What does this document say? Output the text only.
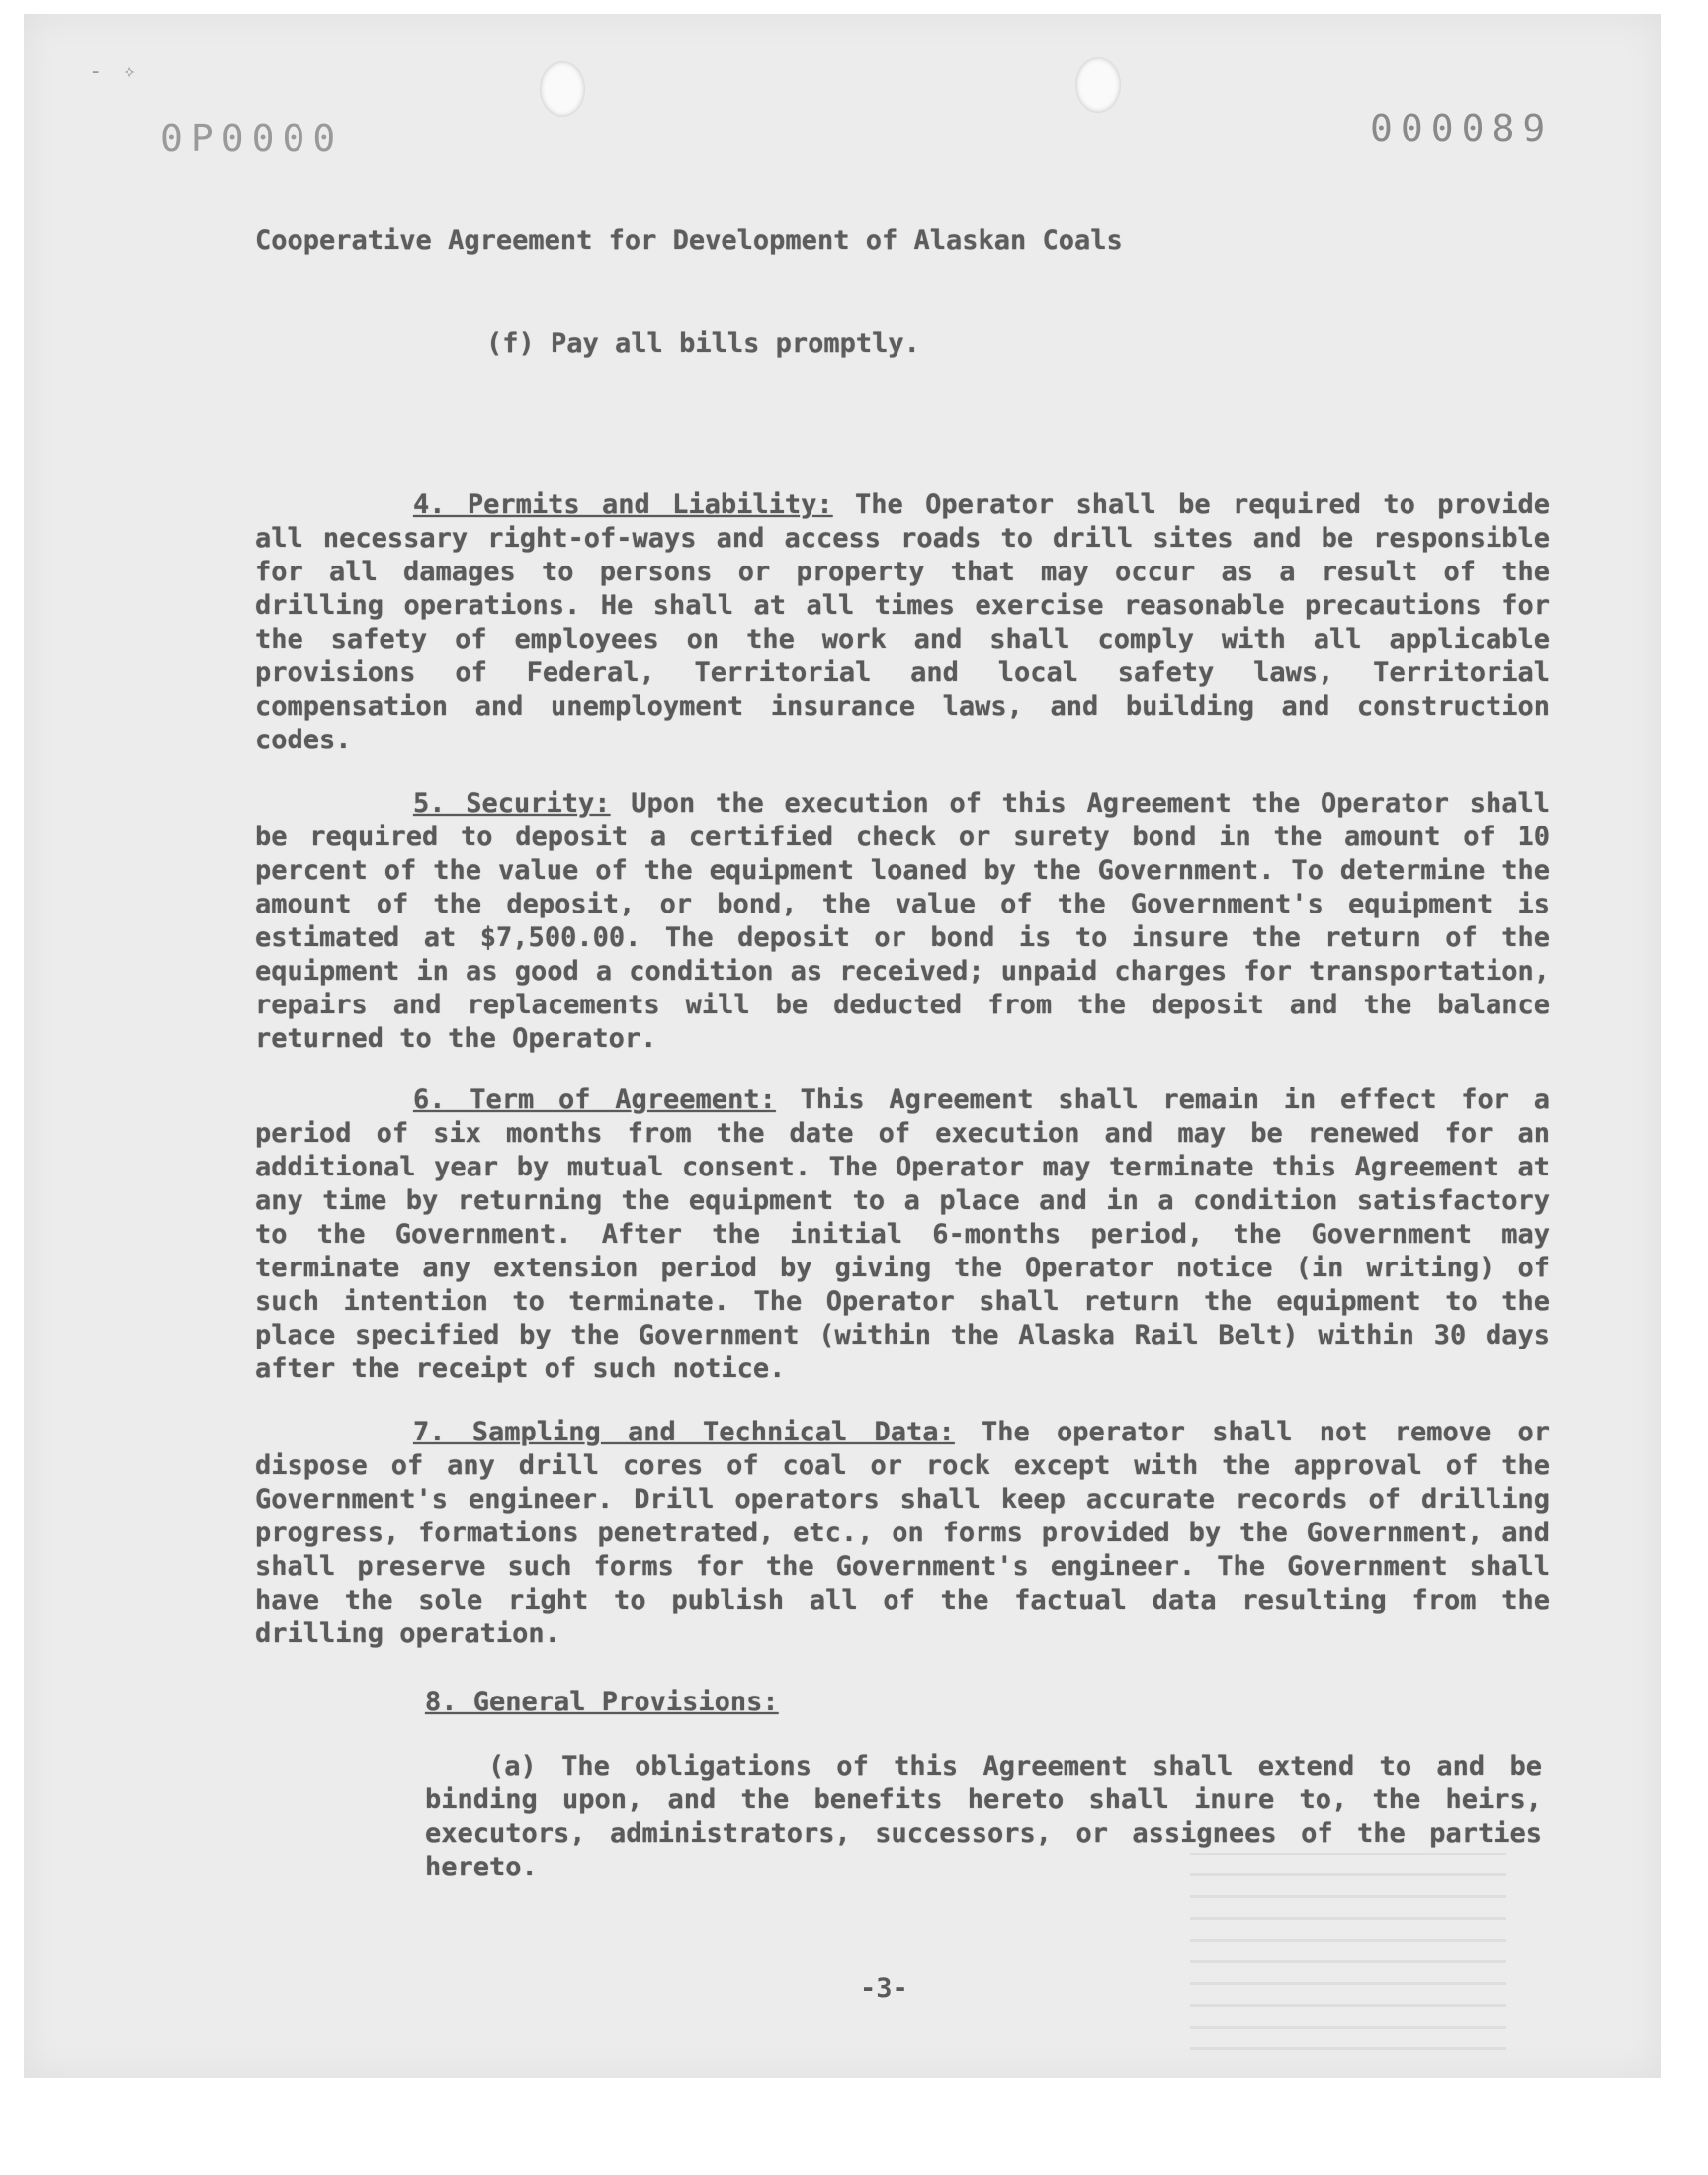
- ✧
0P0000	000089
Cooperative Agreement for Development of Alaskan Coals
(f) Pay all bills promptly.

4. Permits and Liability: The Operator shall be required to provide all necessary right-of-ways and access roads to drill sites and be responsible for all damages to persons or property that may occur as a result of the drilling operations. He shall at all times exercise reasonable precautions for the safety of employees on the work and shall comply with all applicable provisions of Federal, Territorial and local safety laws, Territorial compensation and unemployment insurance laws, and building and construction codes.

5. Security: Upon the execution of this Agreement the Operator shall be required to deposit a certified check or surety bond in the amount of 10 percent of the value of the equipment loaned by the Government. To determine the amount of the deposit, or bond, the value of the Government's equipment is estimated at $7,500.00. The deposit or bond is to insure the return of the equipment in as good a condition as received; unpaid charges for transportation, repairs and replacements will be deducted from the deposit and the balance returned to the Operator.

6. Term of Agreement: This Agreement shall remain in effect for a period of six months from the date of execution and may be renewed for an additional year by mutual consent. The Operator may terminate this Agreement at any time by returning the equipment to a place and in a condition satisfactory to the Government. After the initial 6-months period, the Government may terminate any extension period by giving the Operator notice (in writing) of such intention to terminate. The Operator shall return the equipment to the place specified by the Government (within the Alaska Rail Belt) within 30 days after the receipt of such notice.

7. Sampling and Technical Data: The operator shall not remove or dispose of any drill cores of coal or rock except with the approval of the Government's engineer. Drill operators shall keep accurate records of drilling progress, formations penetrated, etc., on forms provided by the Government, and shall preserve such forms for the Government's engineer. The Government shall have the sole right to publish all of the factual data resulting from the drilling operation.

8. General Provisions:

(a) The obligations of this Agreement shall extend to and be binding upon, and the benefits hereto shall inure to, the heirs, executors, administrators, successors, or assignees of the parties hereto.

-3-
